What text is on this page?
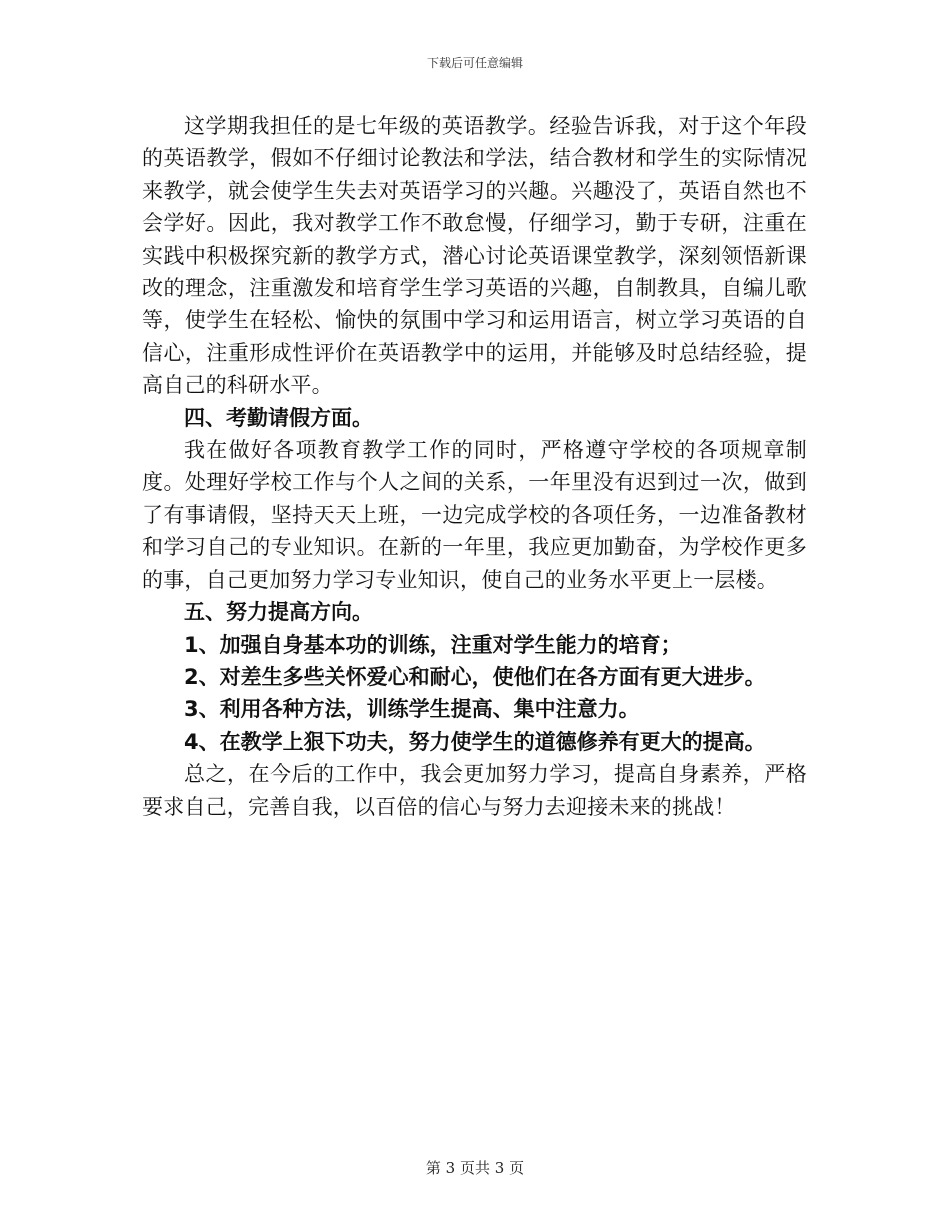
下载后可任意编辑

这学期我担任的是七年级的英语教学。经验告诉我，对于这个年段的英语教学，假如不仔细讨论教法和学法，结合教材和学生的实际情况来教学，就会使学生失去对英语学习的兴趣。兴趣没了，英语自然也不会学好。因此，我对教学工作不敢怠慢，仔细学习，勤于专研，注重在实践中积极探究新的教学方式，潜心讨论英语课堂教学，深刻领悟新课改的理念，注重激发和培育学生学习英语的兴趣，自制教具，自编儿歌等，使学生在轻松、愉快的氛围中学习和运用语言，树立学习英语的自信心，注重形成性评价在英语教学中的运用，并能够及时总结经验，提高自己的科研水平。

四、考勤请假方面。

我在做好各项教育教学工作的同时，严格遵守学校的各项规章制度。处理好学校工作与个人之间的关系，一年里没有迟到过一次，做到了有事请假，坚持天天上班，一边完成学校的各项任务，一边准备教材和学习自己的专业知识。在新的一年里，我应更加勤奋，为学校作更多的事，自己更加努力学习专业知识，使自己的业务水平更上一层楼。

五、努力提高方向。

1、加强自身基本功的训练，注重对学生能力的培育；

2、对差生多些关怀爱心和耐心，使他们在各方面有更大进步。

3、利用各种方法，训练学生提高、集中注意力。

4、在教学上狠下功夫，努力使学生的道德修养有更大的提高。

总之，在今后的工作中，我会更加努力学习，提高自身素养，严格要求自己，完善自我，以百倍的信心与努力去迎接未来的挑战！

第 3 页共 3 页
